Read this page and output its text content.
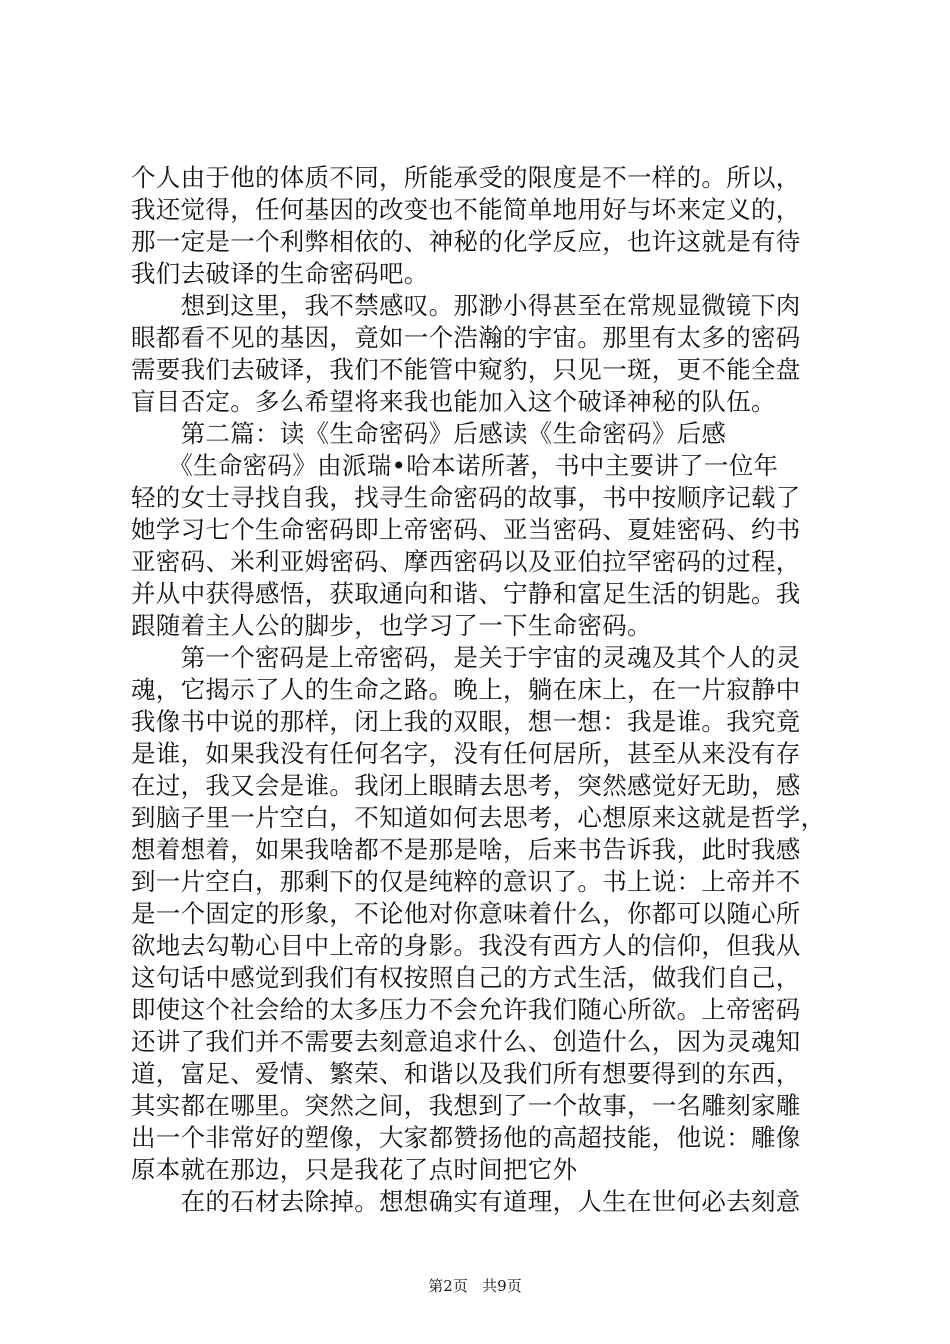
个人由于他的体质不同，所能承受的限度是不一样的。所以，
我还觉得，任何基因的改变也不能简单地用好与坏来定义的，
那一定是一个利弊相依的、神秘的化学反应，也许这就是有待
我们去破译的生命密码吧。
　　想到这里，我不禁感叹。那渺小得甚至在常规显微镜下肉
眼都看不见的基因，竟如一个浩瀚的宇宙。那里有太多的密码
需要我们去破译，我们不能管中窥豹，只见一斑，更不能全盘
盲目否定。多么希望将来我也能加入这个破译神秘的队伍。
　　第二篇：读《生命密码》后感读《生命密码》后感
　　《生命密码》由派瑞•哈本诺所著，书中主要讲了一位年
轻的女士寻找自我，找寻生命密码的故事，书中按顺序记载了
她学习七个生命密码即上帝密码、亚当密码、夏娃密码、约书
亚密码、米利亚姆密码、摩西密码以及亚伯拉罕密码的过程，
并从中获得感悟，获取通向和谐、宁静和富足生活的钥匙。我
跟随着主人公的脚步，也学习了一下生命密码。
　　第一个密码是上帝密码，是关于宇宙的灵魂及其个人的灵
魂，它揭示了人的生命之路。晚上，躺在床上，在一片寂静中
我像书中说的那样，闭上我的双眼，想一想：我是谁。我究竟
是谁，如果我没有任何名字，没有任何居所，甚至从来没有存
在过，我又会是谁。我闭上眼睛去思考，突然感觉好无助，感
到脑子里一片空白，不知道如何去思考，心想原来这就是哲学，
想着想着，如果我啥都不是那是啥，后来书告诉我，此时我感
到一片空白，那剩下的仅是纯粹的意识了。书上说：上帝并不
是一个固定的形象，不论他对你意味着什么，你都可以随心所
欲地去勾勒心目中上帝的身影。我没有西方人的信仰，但我从
这句话中感觉到我们有权按照自己的方式生活，做我们自己，
即使这个社会给的太多压力不会允许我们随心所欲。上帝密码
还讲了我们并不需要去刻意追求什么、创造什么，因为灵魂知
道，富足、爱情、繁荣、和谐以及我们所有想要得到的东西，
其实都在哪里。突然之间，我想到了一个故事，一名雕刻家雕
出一个非常好的塑像，大家都赞扬他的高超技能，他说：雕像
原本就在那边，只是我花了点时间把它外
　　在的石材去除掉。想想确实有道理，人生在世何必去刻意
第2页 共9页
